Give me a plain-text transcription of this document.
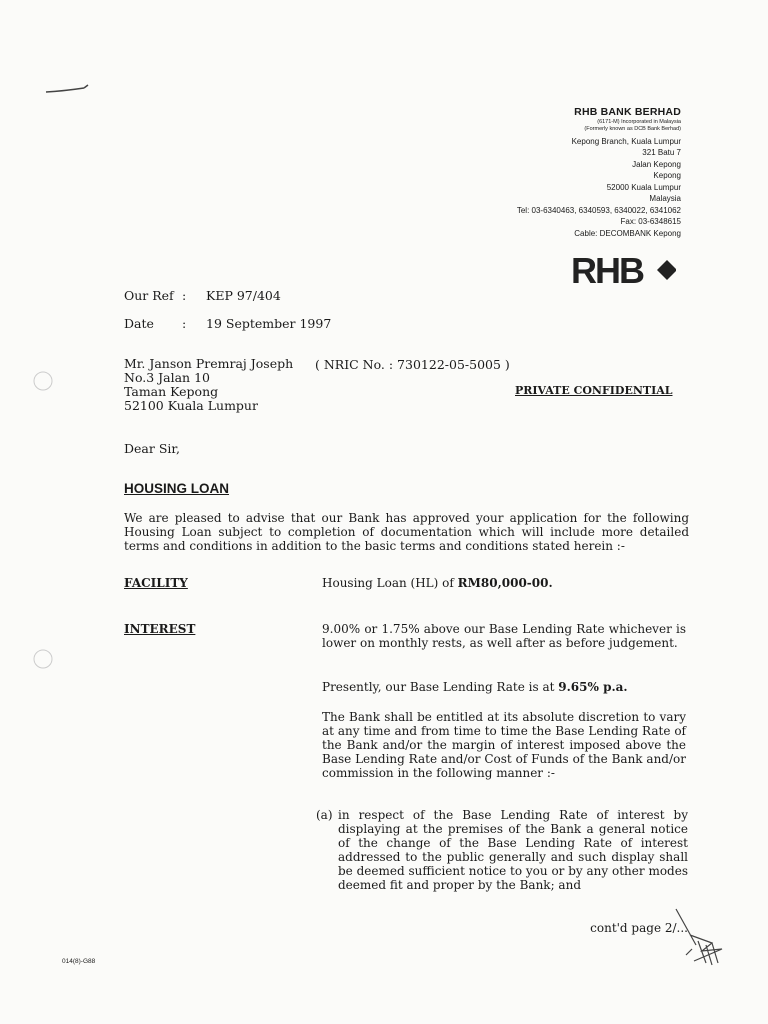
RHB BANK BERHAD
(6171-M) Incorporated in Malaysia
(Formerly known as DCB Bank Berhad)
Kepong Branch, Kuala Lumpur
321 Batu 7
Jalan Kepong
Kepong
52000 Kuala Lumpur
Malaysia
Tel: 03-6340463, 6340593, 6340022, 6341062
Fax: 03-6348615
Cable: DECOMBANK Kepong
RHB
Our Ref : KEP 97/404
Date : 19 September 1997
Mr. Janson Premraj Joseph
No.3 Jalan 10
Taman Kepong
52100 Kuala Lumpur
( NRIC No. : 730122-05-5005 )
PRIVATE CONFIDENTIAL
Dear Sir,
HOUSING LOAN
We are pleased to advise that our Bank has approved your application for the following Housing Loan subject to completion of documentation which will include more detailed terms and conditions in addition to the basic terms and conditions stated herein :-
FACILITY	Housing Loan (HL) of RM80,000-00.
INTEREST	9.00% or 1.75% above our Base Lending Rate whichever is lower on monthly rests, as well after as before judgement.
Presently, our Base Lending Rate is at 9.65% p.a.
The Bank shall be entitled at its absolute discretion to vary at any time and from time to time the Base Lending Rate of the Bank and/or the margin of interest imposed above the Base Lending Rate and/or Cost of Funds of the Bank and/or commission in the following manner :-
(a) in respect of the Base Lending Rate of interest by displaying at the premises of the Bank a general notice of the change of the Base Lending Rate of interest addressed to the public generally and such display shall be deemed sufficient notice to you or by any other modes deemed fit and proper by the Bank; and
cont'd page 2/...
014(8)-G88
